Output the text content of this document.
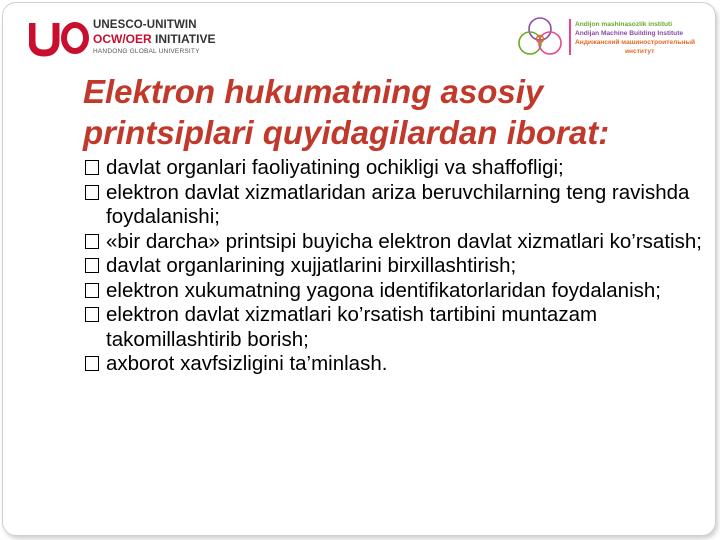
UNESCO-UNITWIN
OCW/OER INITIATIVE
HANDONG GLOBAL UNIVERSITY
Andijon mashinasozlik instituti
Andijan Machine Building Institute
Андижанский машиностроительный
институт
Elektron hukumatning asosiy
printsiplari quyidagilardan iborat:
davlat organlari faoliyatining ochikligi va shaffofligi;
elektron davlat xizmatlaridan ariza beruvchilarning teng ravishda foydalanishi;
«bir darcha» printsipi buyicha elektron davlat xizmatlari ko’rsatish;
davlat organlarining xujjatlarini birxillashtirish;
elektron xukumatning yagona identifikatorlaridan foydalanish;
elektron davlat xizmatlari ko’rsatish tartibini muntazam takomillashtirib borish;
axborot xavfsizligini ta’minlash.
